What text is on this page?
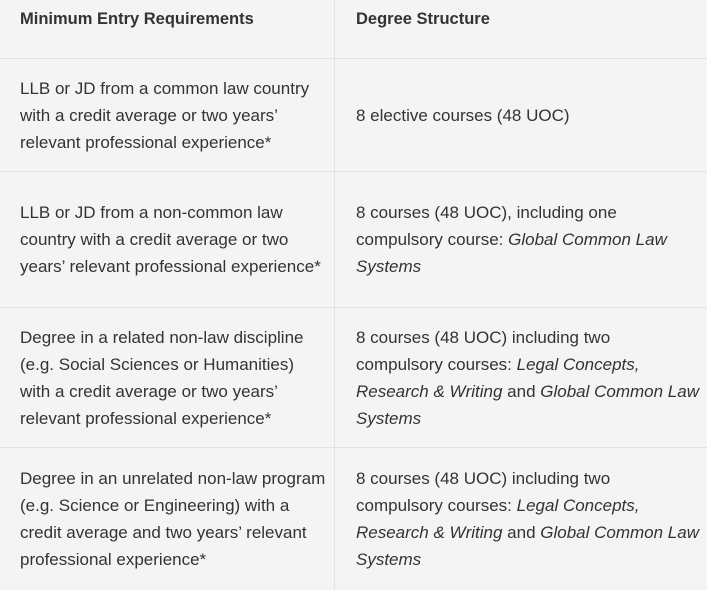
Minimum Entry Requirements	Degree Structure
LLB or JD from a common law country with a credit average or two years’ relevant professional experience*
8 elective courses (48 UOC)
LLB or JD from a non-common law country with a credit average or two years’ relevant professional experience*
8 courses (48 UOC), including one compulsory course: Global Common Law Systems
Degree in a related non-law discipline (e.g. Social Sciences or Humanities) with a credit average or two years’ relevant professional experience*
8 courses (48 UOC) including two compulsory courses: Legal Concepts, Research & Writing and Global Common Law Systems
Degree in an unrelated non-law program (e.g. Science or Engineering) with a credit average and two years’ relevant professional experience*
8 courses (48 UOC) including two compulsory courses: Legal Concepts, Research & Writing and Global Common Law Systems
